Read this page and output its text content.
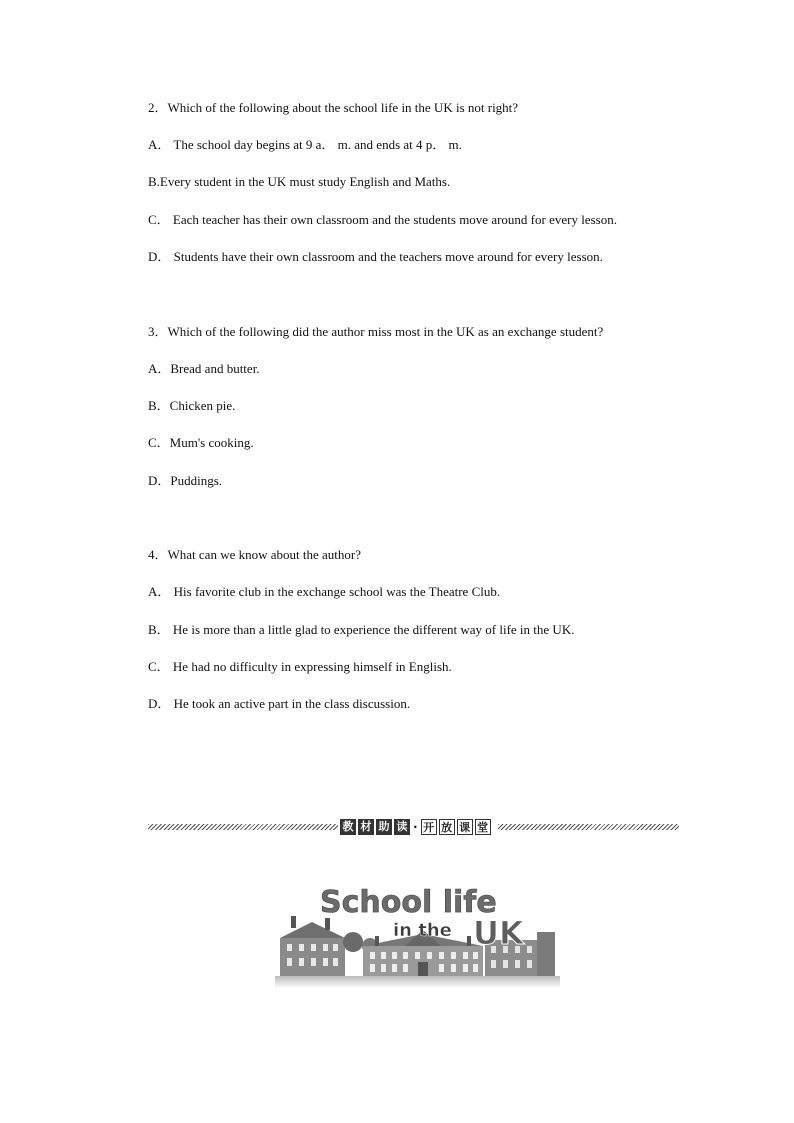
2．Which of the following about the school life in the UK is not right?
A． The school day begins at 9 a． m. and ends at 4 p． m.
B.Every student in the UK must study English and Maths.
C． Each teacher has their own classroom and the students move around for every lesson.
D． Students have their own classroom and the teachers move around for every lesson.
3．Which of the following did the author miss most in the UK as an exchange student?
A．Bread and butter.
B．Chicken pie.
C．Mum's cooking.
D．Puddings.
4．What can we know about the author?
A． His favorite club in the exchange school was the Theatre Club.
B． He is more than a little glad to experience the different way of life in the UK.
C． He had no difficulty in expressing himself in English.
D． He took an active part in the class discussion.
教 材 助 读 · 开 放 课 堂
School life
in the UK
